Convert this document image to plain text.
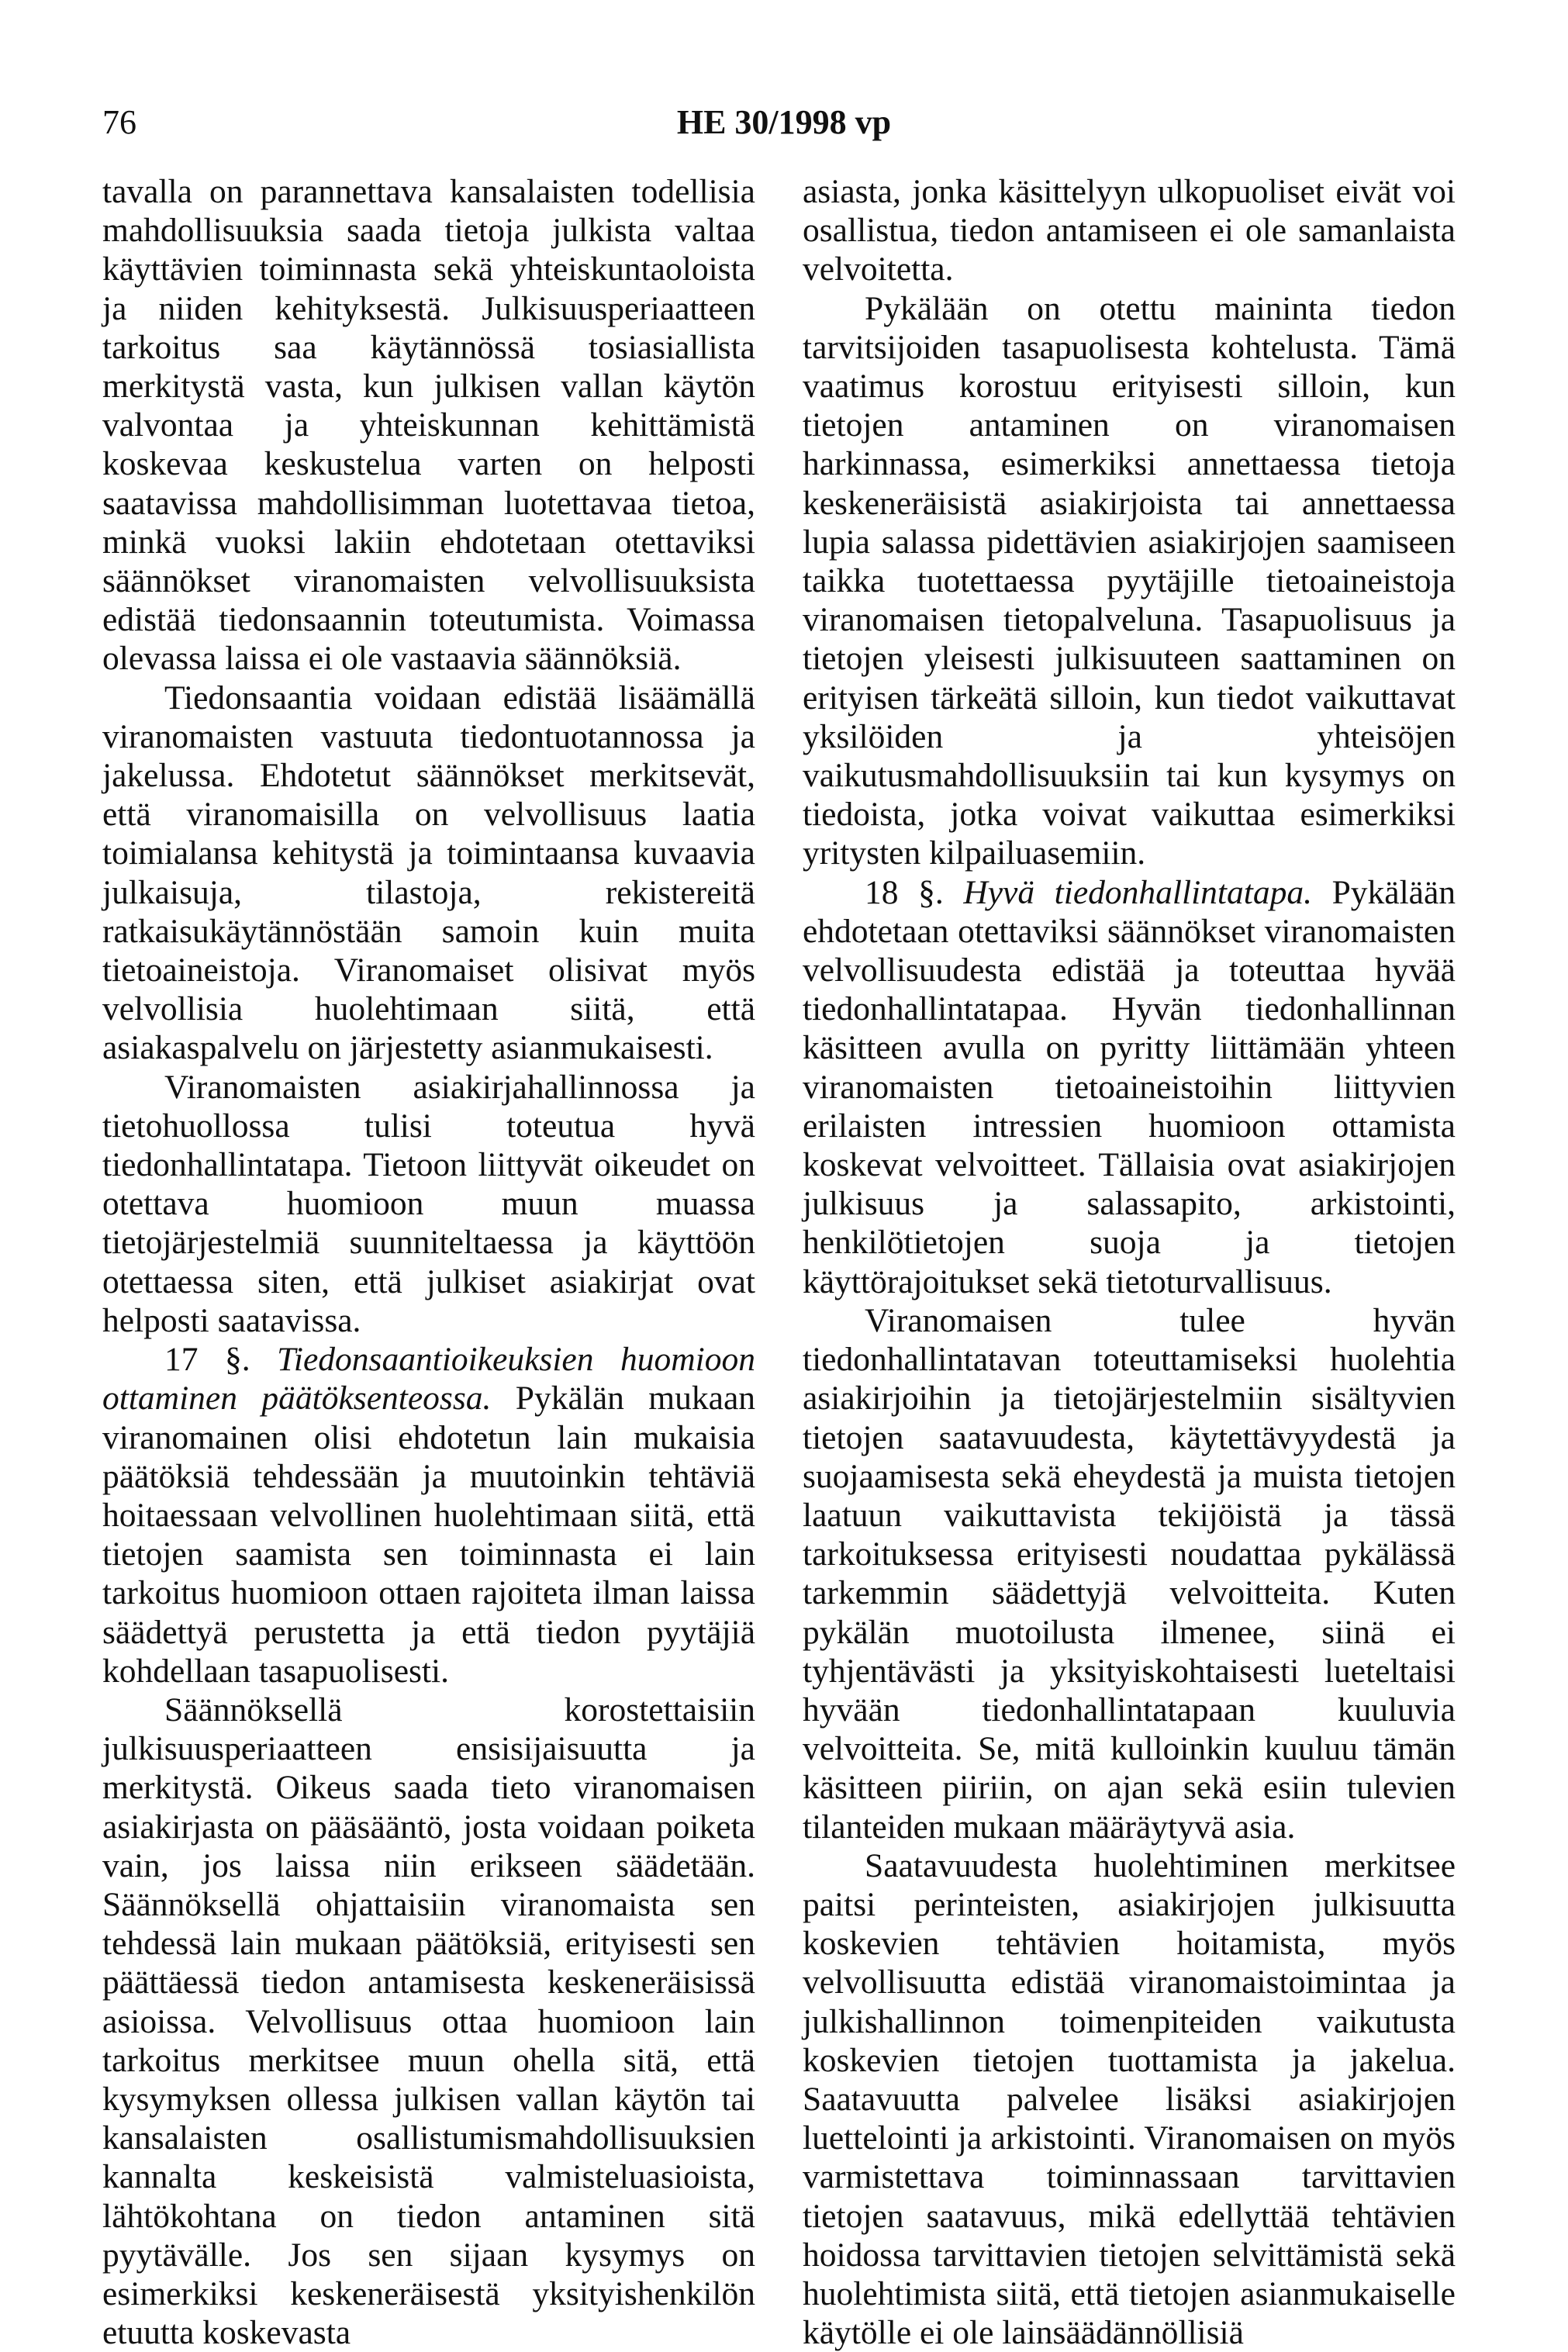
76	HE 30/1998 vp

tavalla on parannettava kansalaisten todellisia mahdollisuuksia saada tietoja julkista valtaa käyttävien toiminnasta sekä yhteiskuntaoloista ja niiden kehityksestä. Julkisuusperiaatteen tarkoitus saa käytännössä tosiasiallista merkitystä vasta, kun julkisen vallan käytön valvontaa ja yhteiskunnan kehittämistä koskevaa keskustelua varten on helposti saatavissa mahdollisimman luotettavaa tietoa, minkä vuoksi lakiin ehdotetaan otettaviksi säännökset viranomaisten velvollisuuksista edistää tiedonsaannin toteutumista. Voimassa olevassa laissa ei ole vastaavia säännöksiä.

Tiedonsaantia voidaan edistää lisäämällä viranomaisten vastuuta tiedontuotannossa ja jakelussa. Ehdotetut säännökset merkitsevät, että viranomaisilla on velvollisuus laatia toimialansa kehitystä ja toimintaansa kuvaavia julkaisuja, tilastoja, rekistereitä ratkaisukäytännöstään samoin kuin muita tietoaineistoja. Viranomaiset olisivat myös velvollisia huolehtimaan siitä, että asiakaspalvelu on järjestetty asianmukaisesti.

Viranomaisten asiakirjahallinnossa ja tietohuollossa tulisi toteutua hyvä tiedonhallintatapa. Tietoon liittyvät oikeudet on otettava huomioon muun muassa tietojärjestelmiä suunniteltaessa ja käyttöön otettaessa siten, että julkiset asiakirjat ovat helposti saatavissa.

17 §. Tiedonsaantioikeuksien huomioon ottaminen päätöksenteossa. Pykälän mukaan viranomainen olisi ehdotetun lain mukaisia päätöksiä tehdessään ja muutoinkin tehtäviä hoitaessaan velvollinen huolehtimaan siitä, että tietojen saamista sen toiminnasta ei lain tarkoitus huomioon ottaen rajoiteta ilman laissa säädettyä perustetta ja että tiedon pyytäjiä kohdellaan tasapuolisesti.

Säännöksellä korostettaisiin julkisuusperiaatteen ensisijaisuutta ja merkitystä. Oikeus saada tieto viranomaisen asiakirjasta on pääsääntö, josta voidaan poiketa vain, jos laissa niin erikseen säädetään. Säännöksellä ohjattaisiin viranomaista sen tehdessä lain mukaan päätöksiä, erityisesti sen päättäessä tiedon antamisesta keskeneräisissä asioissa. Velvollisuus ottaa huomioon lain tarkoitus merkitsee muun ohella sitä, että kysymyksen ollessa julkisen vallan käytön tai kansalaisten osallistumismahdollisuuksien kannalta keskeisistä valmisteluasioista, lähtökohtana on tiedon antaminen sitä pyytävälle. Jos sen sijaan kysymys on esimerkiksi keskeneräisestä yksityishenkilön etuutta koskevasta

asiasta, jonka käsittelyyn ulkopuoliset eivät voi osallistua, tiedon antamiseen ei ole samanlaista velvoitetta.

Pykälään on otettu maininta tiedon tarvitsijoiden tasapuolisesta kohtelusta. Tämä vaatimus korostuu erityisesti silloin, kun tietojen antaminen on viranomaisen harkinnassa, esimerkiksi annettaessa tietoja keskeneräisistä asiakirjoista tai annettaessa lupia salassa pidettävien asiakirjojen saamiseen taikka tuotettaessa pyytäjille tietoaineistoja viranomaisen tietopalveluna. Tasapuolisuus ja tietojen yleisesti julkisuuteen saattaminen on erityisen tärkeätä silloin, kun tiedot vaikuttavat yksilöiden ja yhteisöjen vaikutusmahdollisuuksiin tai kun kysymys on tiedoista, jotka voivat vaikuttaa esimerkiksi yritysten kilpailuasemiin.

18 §. Hyvä tiedonhallintatapa. Pykälään ehdotetaan otettaviksi säännökset viranomaisten velvollisuudesta edistää ja toteuttaa hyvää tiedonhallintatapaa. Hyvän tiedonhallinnan käsitteen avulla on pyritty liittämään yhteen viranomaisten tietoaineistoihin liittyvien erilaisten intressien huomioon ottamista koskevat velvoitteet. Tällaisia ovat asiakirjojen julkisuus ja salassapito, arkistointi, henkilötietojen suoja ja tietojen käyttörajoitukset sekä tietoturvallisuus.

Viranomaisen tulee hyvän tiedonhallintatavan toteuttamiseksi huolehtia asiakirjoihin ja tietojärjestelmiin sisältyvien tietojen saatavuudesta, käytettävyydestä ja suojaamisesta sekä eheydestä ja muista tietojen laatuun vaikuttavista tekijöistä ja tässä tarkoituksessa erityisesti noudattaa pykälässä tarkemmin säädettyjä velvoitteita. Kuten pykälän muotoilusta ilmenee, siinä ei tyhjentävästi ja yksityiskohtaisesti lueteltaisi hyvään tiedonhallintatapaan kuuluvia velvoitteita. Se, mitä kulloinkin kuuluu tämän käsitteen piiriin, on ajan sekä esiin tulevien tilanteiden mukaan määräytyvä asia.

Saatavuudesta huolehtiminen merkitsee paitsi perinteisten, asiakirjojen julkisuutta koskevien tehtävien hoitamista, myös velvollisuutta edistää viranomaistoimintaa ja julkishallinnon toimenpiteiden vaikutusta koskevien tietojen tuottamista ja jakelua. Saatavuutta palvelee lisäksi asiakirjojen luettelointi ja arkistointi. Viranomaisen on myös varmistettava toiminnassaan tarvittavien tietojen saatavuus, mikä edellyttää tehtävien hoidossa tarvittavien tietojen selvittämistä sekä huolehtimista siitä, että tietojen asianmukaiselle käytölle ei ole lainsäädännöllisiä
